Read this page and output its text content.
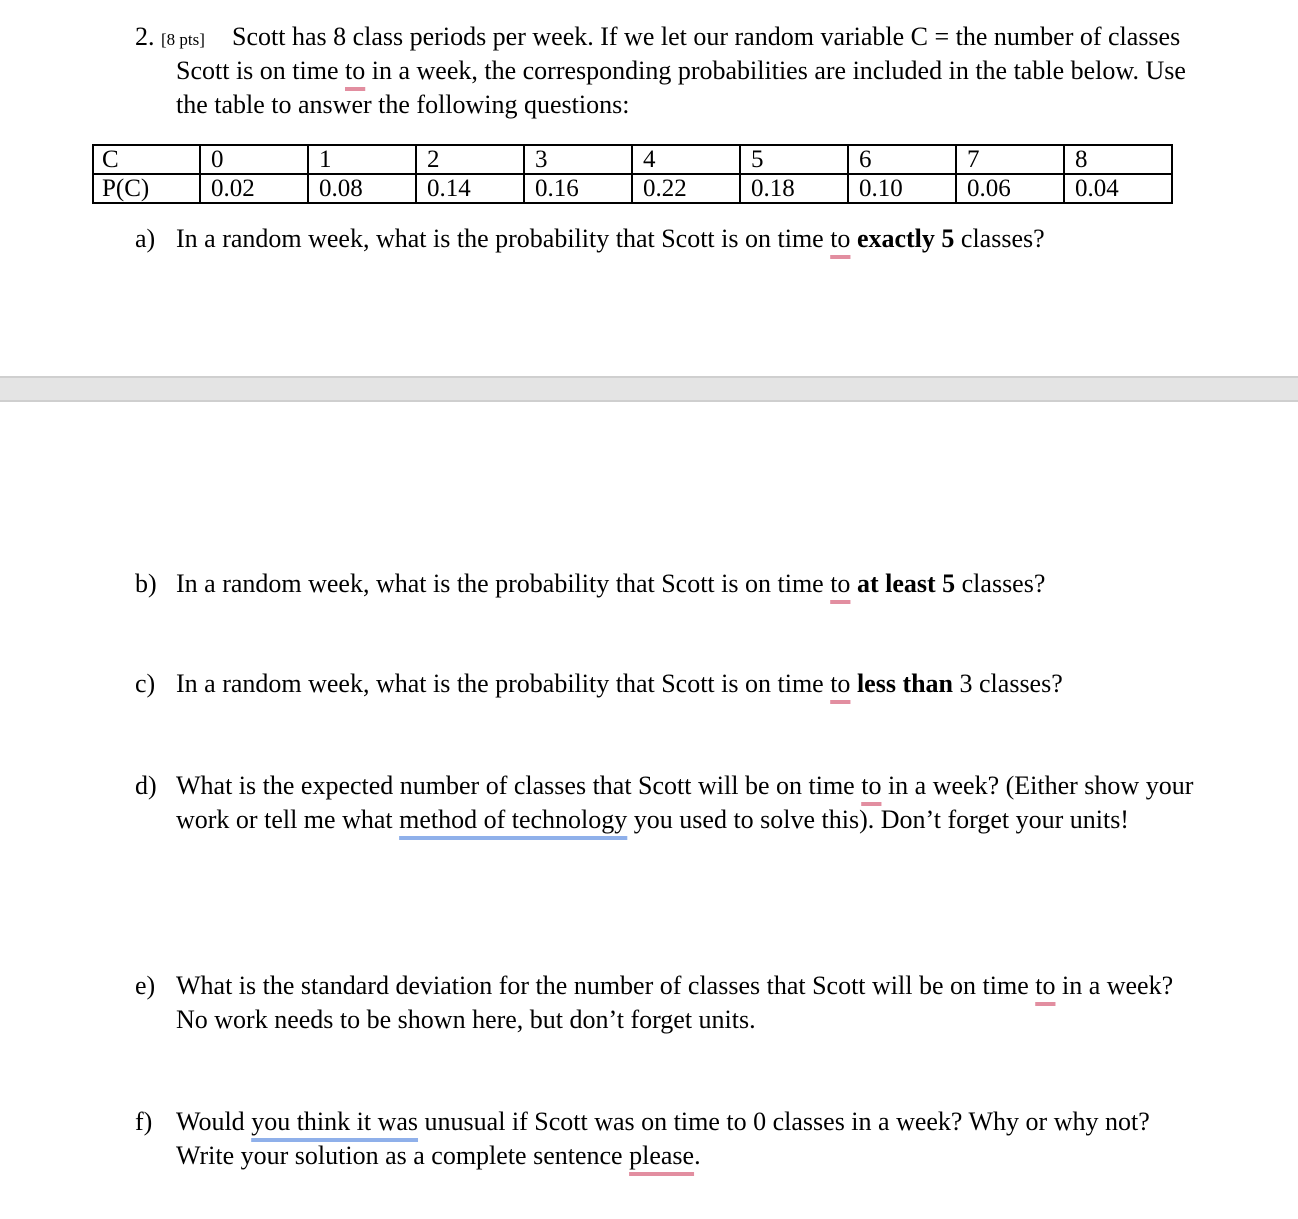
2. [8 pts] Scott has 8 class periods per week. If we let our random variable C = the number of classes
Scott is on time to in a week, the corresponding probabilities are included in the table below. Use
the table to answer the following questions:
C	0	1	2	3	4	5	6	7	8
P(C)	0.02	0.08	0.14	0.16	0.22	0.18	0.10	0.06	0.04
a) In a random week, what is the probability that Scott is on time to exactly 5 classes?
b) In a random week, what is the probability that Scott is on time to at least 5 classes?
c) In a random week, what is the probability that Scott is on time to less than 3 classes?
d) What is the expected number of classes that Scott will be on time to in a week? (Either show your
work or tell me what method of technology you used to solve this). Don’t forget your units!
e) What is the standard deviation for the number of classes that Scott will be on time to in a week?
No work needs to be shown here, but don’t forget units.
f) Would you think it was unusual if Scott was on time to 0 classes in a week? Why or why not?
Write your solution as a complete sentence please.
